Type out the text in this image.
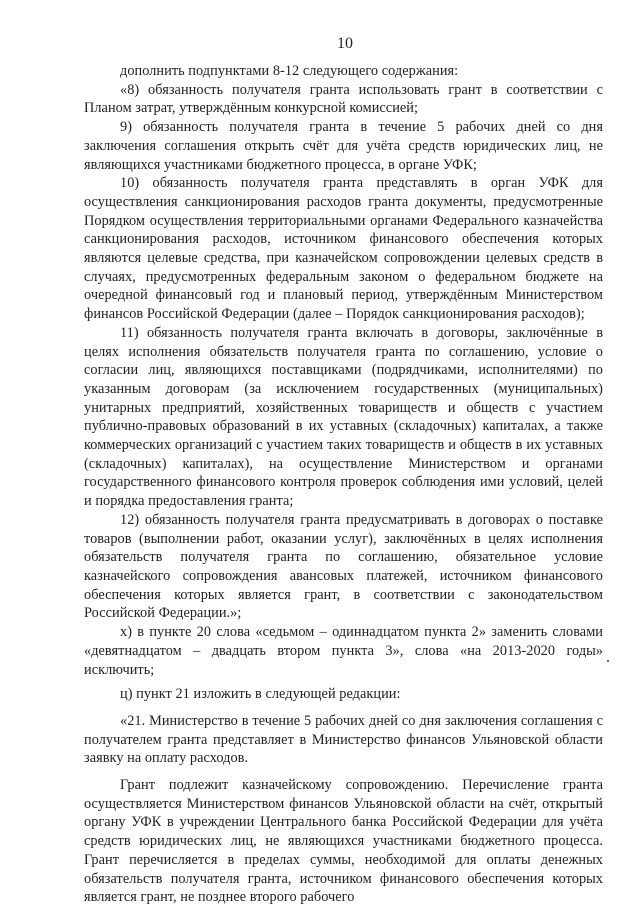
10

дополнить подпунктами 8-12 следующего содержания:

«8) обязанность получателя гранта использовать грант в соответствии с Планом затрат, утверждённым конкурсной комиссией;

9) обязанность получателя гранта в течение 5 рабочих дней со дня заключения соглашения открыть счёт для учёта средств юридических лиц, не являющихся участниками бюджетного процесса, в органе УФК;

10) обязанность получателя гранта представлять в орган УФК для осуществления санкционирования расходов гранта документы, предусмотренные Порядком осуществления территориальными органами Федерального казначейства санкционирования расходов, источником финансового обеспечения которых являются целевые средства, при казначейском сопровождении целевых средств в случаях, предусмотренных федеральным законом о федеральном бюджете на очередной финансовый год и плановый период, утверждённым Министерством финансов Российской Федерации (далее – Порядок санкционирования расходов);

11) обязанность получателя гранта включать в договоры, заключённые в целях исполнения обязательств получателя гранта по соглашению, условие о согласии лиц, являющихся поставщиками (подрядчиками, исполнителями) по указанным договорам (за исключением государственных (муниципальных) унитарных предприятий, хозяйственных товариществ и обществ с участием публично-правовых образований в их уставных (складочных) капиталах, а также коммерческих организаций с участием таких товариществ и обществ в их уставных (складочных) капиталах), на осуществление Министерством и органами государственного финансового контроля проверок соблюдения ими условий, целей и порядка предоставления гранта;

12) обязанность получателя гранта предусматривать в договорах о поставке товаров (выполнении работ, оказании услуг), заключённых в целях исполнения обязательств получателя гранта по соглашению, обязательное условие казначейского сопровождения авансовых платежей, источником финансового обеспечения которых является грант, в соответствии с законодательством Российской Федерации.»;

х) в пункте 20 слова «седьмом – одиннадцатом пункта 2» заменить словами «девятнадцатом – двадцать втором пункта 3», слова «на 2013-2020 годы» исключить;

ц) пункт 21 изложить в следующей редакции:

«21. Министерство в течение 5 рабочих дней со дня заключения соглашения с получателем гранта представляет в Министерство финансов Ульяновской области заявку на оплату расходов.

Грант подлежит казначейскому сопровождению. Перечисление гранта осуществляется Министерством финансов Ульяновской области на счёт, открытый органу УФК в учреждении Центрального банка Российской Федерации для учёта средств юридических лиц, не являющихся участниками бюджетного процесса. Грант перечисляется в пределах суммы, необходимой для оплаты денежных обязательств получателя гранта, источником финансового обеспечения которых является грант, не позднее второго рабочего
